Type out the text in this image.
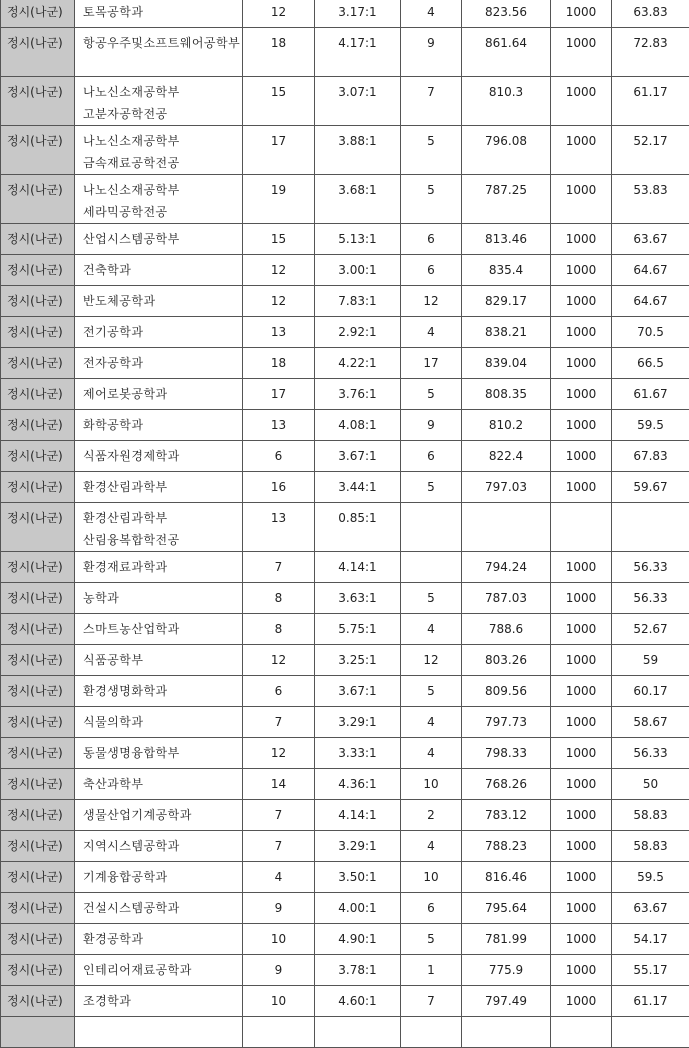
정시(나군)	토목공학과	12	3.17:1	4	823.56	1000	63.83
정시(나군)	항공우주및소프트웨어공학부	18	4.17:1	9	861.64	1000	72.83
정시(나군)	나노신소재공학부 고분자공학전공	15	3.07:1	7	810.3	1000	61.17
정시(나군)	나노신소재공학부 금속재료공학전공	17	3.88:1	5	796.08	1000	52.17
정시(나군)	나노신소재공학부 세라믹공학전공	19	3.68:1	5	787.25	1000	53.83
정시(나군)	산업시스템공학부	15	5.13:1	6	813.46	1000	63.67
정시(나군)	건축학과	12	3.00:1	6	835.4	1000	64.67
정시(나군)	반도체공학과	12	7.83:1	12	829.17	1000	64.67
정시(나군)	전기공학과	13	2.92:1	4	838.21	1000	70.5
정시(나군)	전자공학과	18	4.22:1	17	839.04	1000	66.5
정시(나군)	제어로봇공학과	17	3.76:1	5	808.35	1000	61.67
정시(나군)	화학공학과	13	4.08:1	9	810.2	1000	59.5
정시(나군)	식품자원경제학과	6	3.67:1	6	822.4	1000	67.83
정시(나군)	환경산림과학부	16	3.44:1	5	797.03	1000	59.67
정시(나군)	환경산림과학부 산림융복합학전공	13	0.85:1				
정시(나군)	환경재료과학과	7	4.14:1		794.24	1000	56.33
정시(나군)	농학과	8	3.63:1	5	787.03	1000	56.33
정시(나군)	스마트농산업학과	8	5.75:1	4	788.6	1000	52.67
정시(나군)	식품공학부	12	3.25:1	12	803.26	1000	59
정시(나군)	환경생명화학과	6	3.67:1	5	809.56	1000	60.17
정시(나군)	식물의학과	7	3.29:1	4	797.73	1000	58.67
정시(나군)	동물생명융합학부	12	3.33:1	4	798.33	1000	56.33
정시(나군)	축산과학부	14	4.36:1	10	768.26	1000	50
정시(나군)	생물산업기계공학과	7	4.14:1	2	783.12	1000	58.83
정시(나군)	지역시스템공학과	7	3.29:1	4	788.23	1000	58.83
정시(나군)	기계융합공학과	4	3.50:1	10	816.46	1000	59.5
정시(나군)	건설시스템공학과	9	4.00:1	6	795.64	1000	63.67
정시(나군)	환경공학과	10	4.90:1	5	781.99	1000	54.17
정시(나군)	인테리어재료공학과	9	3.78:1	1	775.9	1000	55.17
정시(나군)	조경학과	10	4.60:1	7	797.49	1000	61.17
